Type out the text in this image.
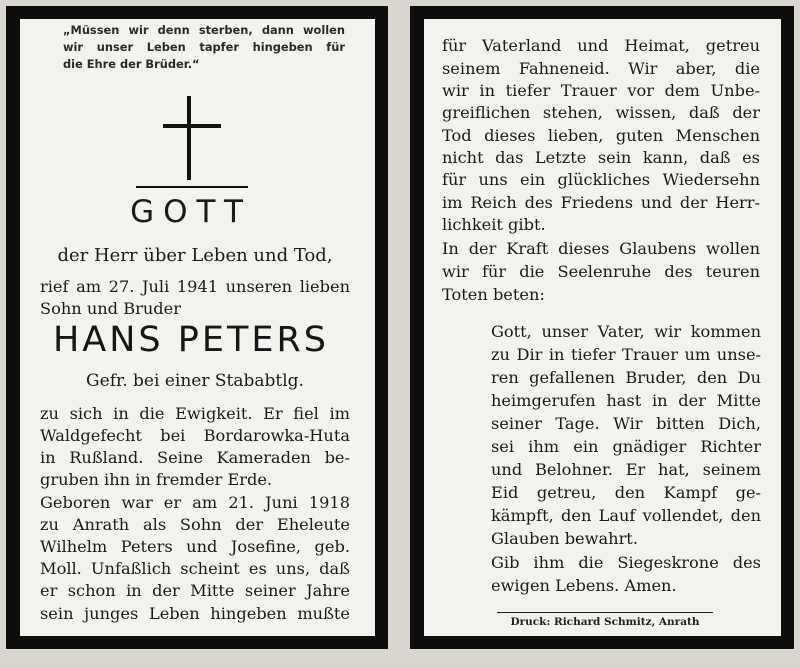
„Müssen wir denn sterben, dann wollen
wir unser Leben tapfer hingeben für
die Ehre der Brüder.“
GOTT
der Herr über Leben und Tod,
rief am 27. Juli 1941 unseren lieben
Sohn und Bruder
HANS PETERS
Gefr. bei einer Stababtlg.
zu sich in die Ewigkeit. Er fiel im
Waldgefecht bei Bordarowka-Huta
in Rußland. Seine Kameraden be-
gruben ihn in fremder Erde.
Geboren war er am 21. Juni 1918
zu Anrath als Sohn der Eheleute
Wilhelm Peters und Josefine, geb.
Moll. Unfaßlich scheint es uns, daß
er schon in der Mitte seiner Jahre
sein junges Leben hingeben mußte
für Vaterland und Heimat, getreu
seinem Fahneneid. Wir aber, die
wir in tiefer Trauer vor dem Unbe-
greiflichen stehen, wissen, daß der
Tod dieses lieben, guten Menschen
nicht das Letzte sein kann, daß es
für uns ein glückliches Wiedersehn
im Reich des Friedens und der Herr-
lichkeit gibt.
In der Kraft dieses Glaubens wollen
wir für die Seelenruhe des teuren
Toten beten:
Gott, unser Vater, wir kommen
zu Dir in tiefer Trauer um unse-
ren gefallenen Bruder, den Du
heimgerufen hast in der Mitte
seiner Tage. Wir bitten Dich,
sei ihm ein gnädiger Richter
und Belohner. Er hat, seinem
Eid getreu, den Kampf ge-
kämpft, den Lauf vollendet, den
Glauben bewahrt.
Gib ihm die Siegeskrone des
ewigen Lebens. Amen.
Druck: Richard Schmitz, Anrath
